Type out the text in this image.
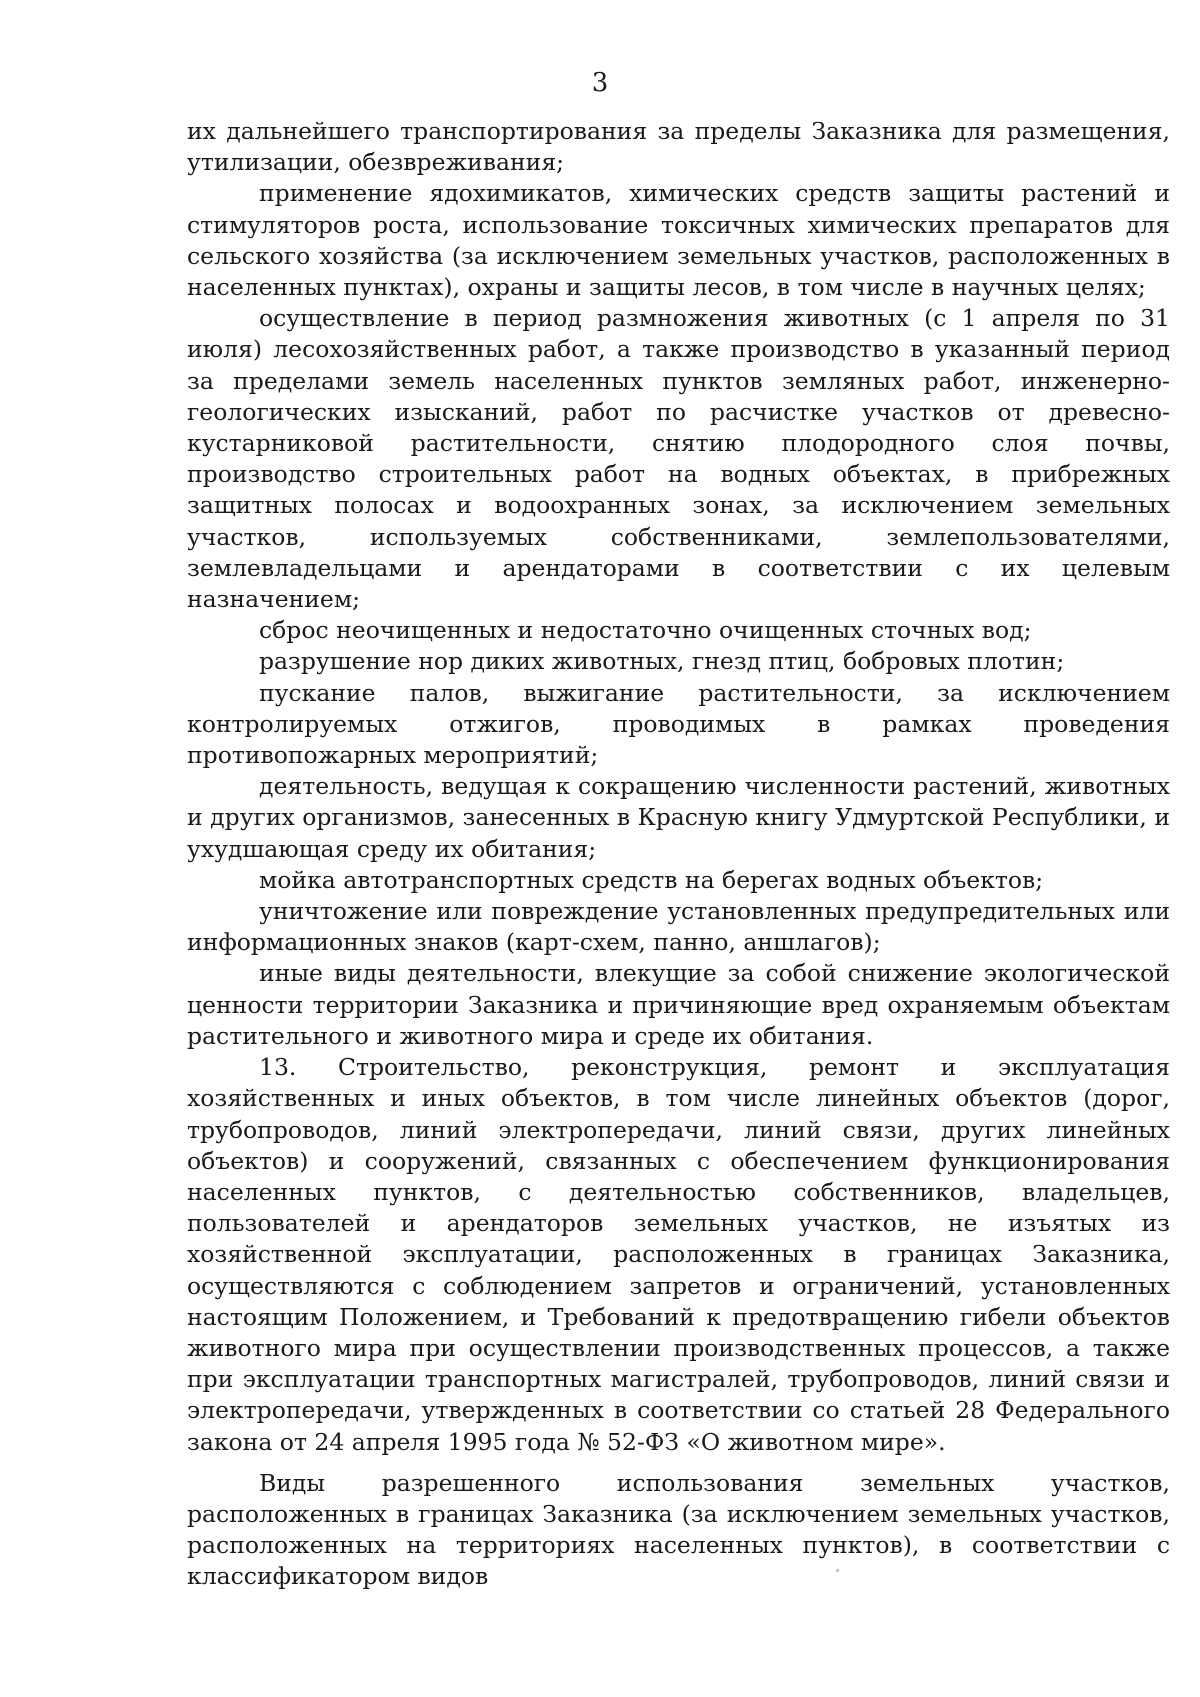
3

их дальнейшего транспортирования за пределы Заказника для размещения, утилизации, обезвреживания;

применение ядохимикатов, химических средств защиты растений и стимуляторов роста, использование токсичных химических препаратов для сельского хозяйства (за исключением земельных участков, расположенных в населенных пунктах), охраны и защиты лесов, в том числе в научных целях;

осуществление в период размножения животных (с 1 апреля по 31 июля) лесохозяйственных работ, а также производство в указанный период за пределами земель населенных пунктов земляных работ, инженерно-геологических изысканий, работ по расчистке участков от древесно-кустарниковой растительности, снятию плодородного слоя почвы, производство строительных работ на водных объектах, в прибрежных защитных полосах и водоохранных зонах, за исключением земельных участков, используемых собственниками, землепользователями, землевладельцами и арендаторами в соответствии с их целевым назначением;

сброс неочищенных и недостаточно очищенных сточных вод;

разрушение нор диких животных, гнезд птиц, бобровых плотин;

пускание палов, выжигание растительности, за исключением контролируемых отжигов, проводимых в рамках проведения противопожарных мероприятий;

деятельность, ведущая к сокращению численности растений, животных и других организмов, занесенных в Красную книгу Удмуртской Республики, и ухудшающая среду их обитания;

мойка автотранспортных средств на берегах водных объектов;

уничтожение или повреждение установленных предупредительных или информационных знаков (карт-схем, панно, аншлагов);

иные виды деятельности, влекущие за собой снижение экологической ценности территории Заказника и причиняющие вред охраняемым объектам растительного и животного мира и среде их обитания.

13. Строительство, реконструкция, ремонт и эксплуатация хозяйственных и иных объектов, в том числе линейных объектов (дорог, трубопроводов, линий электропередачи, линий связи, других линейных объектов) и сооружений, связанных с обеспечением функционирования населенных пунктов, с деятельностью собственников, владельцев, пользователей и арендаторов земельных участков, не изъятых из хозяйственной эксплуатации, расположенных в границах Заказника, осуществляются с соблюдением запретов и ограничений, установленных настоящим Положением, и Требований к предотвращению гибели объектов животного мира при осуществлении производственных процессов, а также при эксплуатации транспортных магистралей, трубопроводов, линий связи и электропередачи, утвержденных в соответствии со статьей 28 Федерального закона от 24 апреля 1995 года № 52-ФЗ «О животном мире».

Виды разрешенного использования земельных участков, расположенных в границах Заказника (за исключением земельных участков, расположенных на территориях населенных пунктов), в соответствии с классификатором видов
